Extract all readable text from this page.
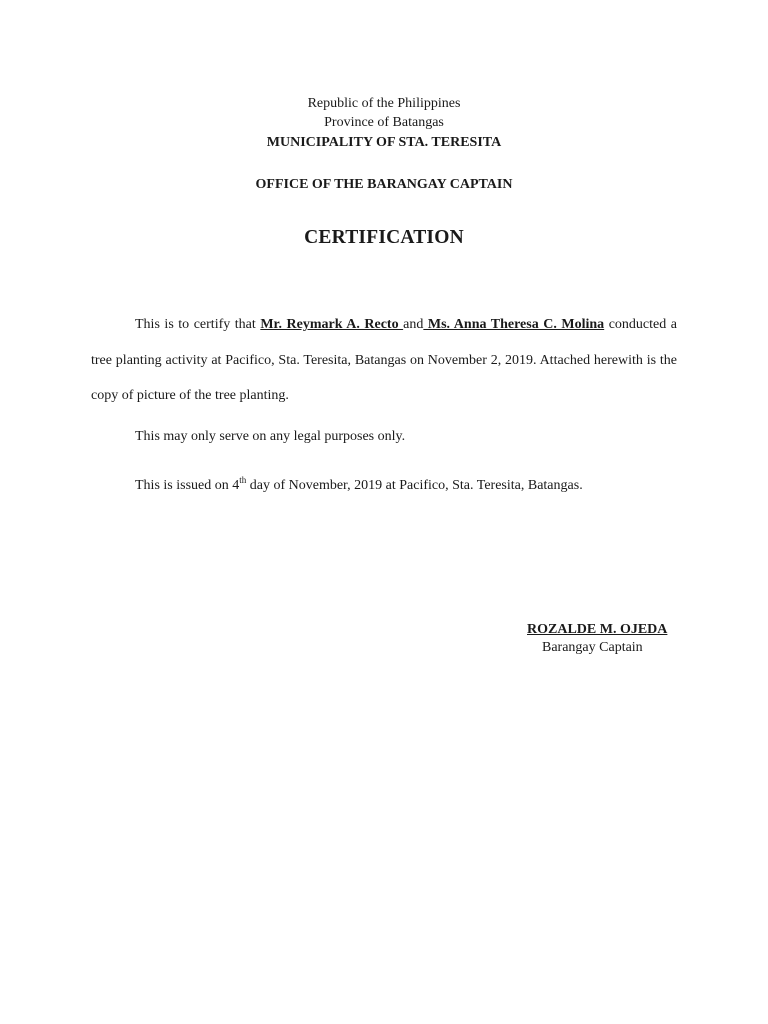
Republic of the Philippines
Province of Batangas
MUNICIPALITY OF STA. TERESITA
OFFICE OF THE BARANGAY CAPTAIN
CERTIFICATION
This is to certify that Mr. Reymark A. Recto and Ms. Anna Theresa C. Molina conducted a tree planting activity at Pacifico, Sta. Teresita, Batangas on November 2, 2019. Attached herewith is the copy of picture of the tree planting.
This may only serve on any legal purposes only.
This is issued on 4th day of November, 2019 at Pacifico, Sta. Teresita, Batangas.
ROZALDE M. OJEDA
Barangay Captain
